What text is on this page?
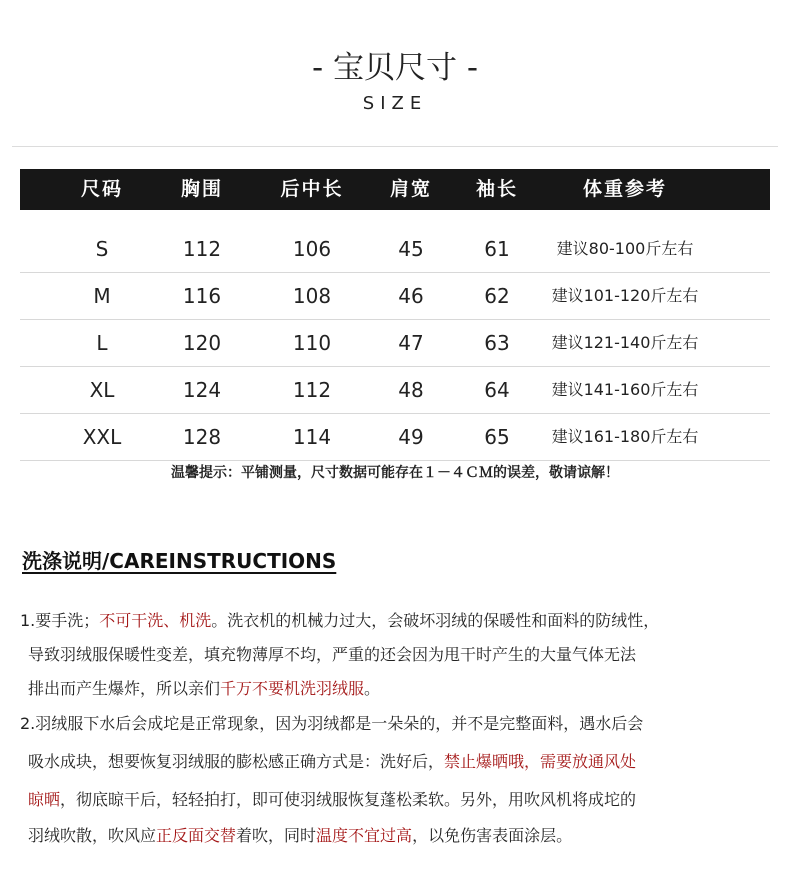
- 宝贝尺寸 -
SIZE
尺码	胸围	后中长	肩宽	袖长	体重参考
S	112	106	45	61	建议80-100斤左右
M	116	108	46	62	建议101-120斤左右
L	120	110	47	63	建议121-140斤左右
XL	124	112	48	64	建议141-160斤左右
XXL	128	114	49	65	建议161-180斤左右
温馨提示：平铺测量，尺寸数据可能存在１－４ＣＭ的误差，敬请谅解！
洗涤说明/CAREINSTRUCTIONS
1.要手洗；不可干洗、机洗。洗衣机的机械力过大，会破坏羽绒的保暖性和面料的防绒性，
导致羽绒服保暖性变差，填充物薄厚不均，严重的还会因为甩干时产生的大量气体无法
排出而产生爆炸，所以亲们千万不要机洗羽绒服。
2.羽绒服下水后会成坨是正常现象，因为羽绒都是一朵朵的，并不是完整面料，遇水后会
吸水成块，想要恢复羽绒服的膨松感正确方式是：洗好后，禁止爆晒哦，需要放通风处
晾晒，彻底晾干后，轻轻拍打，即可使羽绒服恢复蓬松柔软。另外，用吹风机将成坨的
羽绒吹散，吹风应正反面交替着吹，同时温度不宜过高，以免伤害表面涂层。
